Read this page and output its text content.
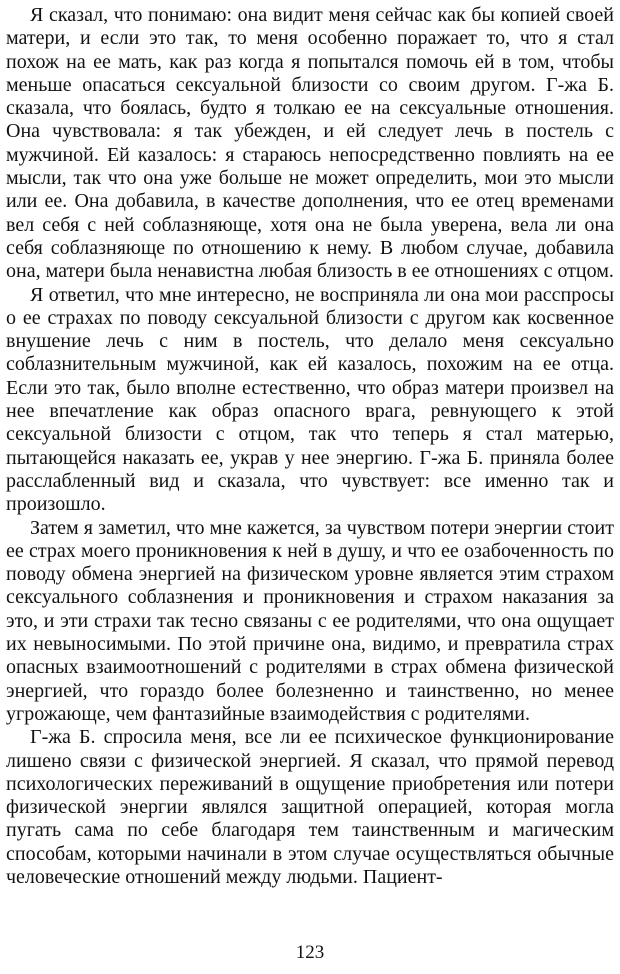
Я сказал, что понимаю: она видит меня сейчас как бы копией своей матери, и если это так, то меня особенно поражает то, что я стал похож на ее мать, как раз когда я попытался помочь ей в том, чтобы меньше опасаться сексуальной близости со своим другом. Г-жа Б. сказала, что боялась, будто я толкаю ее на сексуальные отношения. Она чувствовала: я так убежден, и ей следует лечь в постель с мужчиной. Ей казалось: я стараюсь непосредственно повлиять на ее мысли, так что она уже больше не может определить, мои это мысли или ее. Она добавила, в качестве дополнения, что ее отец временами вел себя с ней соблазняюще, хотя она не была уверена, вела ли она себя соблазняюще по отношению к нему. В любом случае, добавила она, матери была ненавистна любая близость в ее отношениях с отцом.

Я ответил, что мне интересно, не восприняла ли она мои расспросы о ее страхах по поводу сексуальной близости с другом как косвенное внушение лечь с ним в постель, что делало меня сексуально соблазнительным мужчиной, как ей казалось, похожим на ее отца. Если это так, было вполне естественно, что образ матери произвел на нее впечатление как образ опасного врага, ревнующего к этой сексуальной близости с отцом, так что теперь я стал матерью, пытающейся наказать ее, украв у нее энергию. Г-жа Б. приняла более расслабленный вид и сказала, что чувствует: все именно так и произошло.

Затем я заметил, что мне кажется, за чувством потери энергии стоит ее страх моего проникновения к ней в душу, и что ее озабоченность по поводу обмена энергией на физическом уровне является этим страхом сексуального соблазнения и проникновения и страхом наказания за это, и эти страхи так тесно связаны с ее родителями, что она ощущает их невыносимыми. По этой причине она, видимо, и превратила страх опасных взаимоотношений с родителями в страх обмена физической энергией, что гораздо более болезненно и таинственно, но менее угрожающе, чем фантазийные взаимодействия с родителями.

Г-жа Б. спросила меня, все ли ее психическое функционирование лишено связи с физической энергией. Я сказал, что прямой перевод психологических переживаний в ощущение приобретения или потери физической энергии являлся защитной операцией, которая могла пугать сама по себе благодаря тем таинственным и магическим способам, которыми начинали в этом случае осуществляться обычные человеческие отношений между людьми. Пациент-

123
